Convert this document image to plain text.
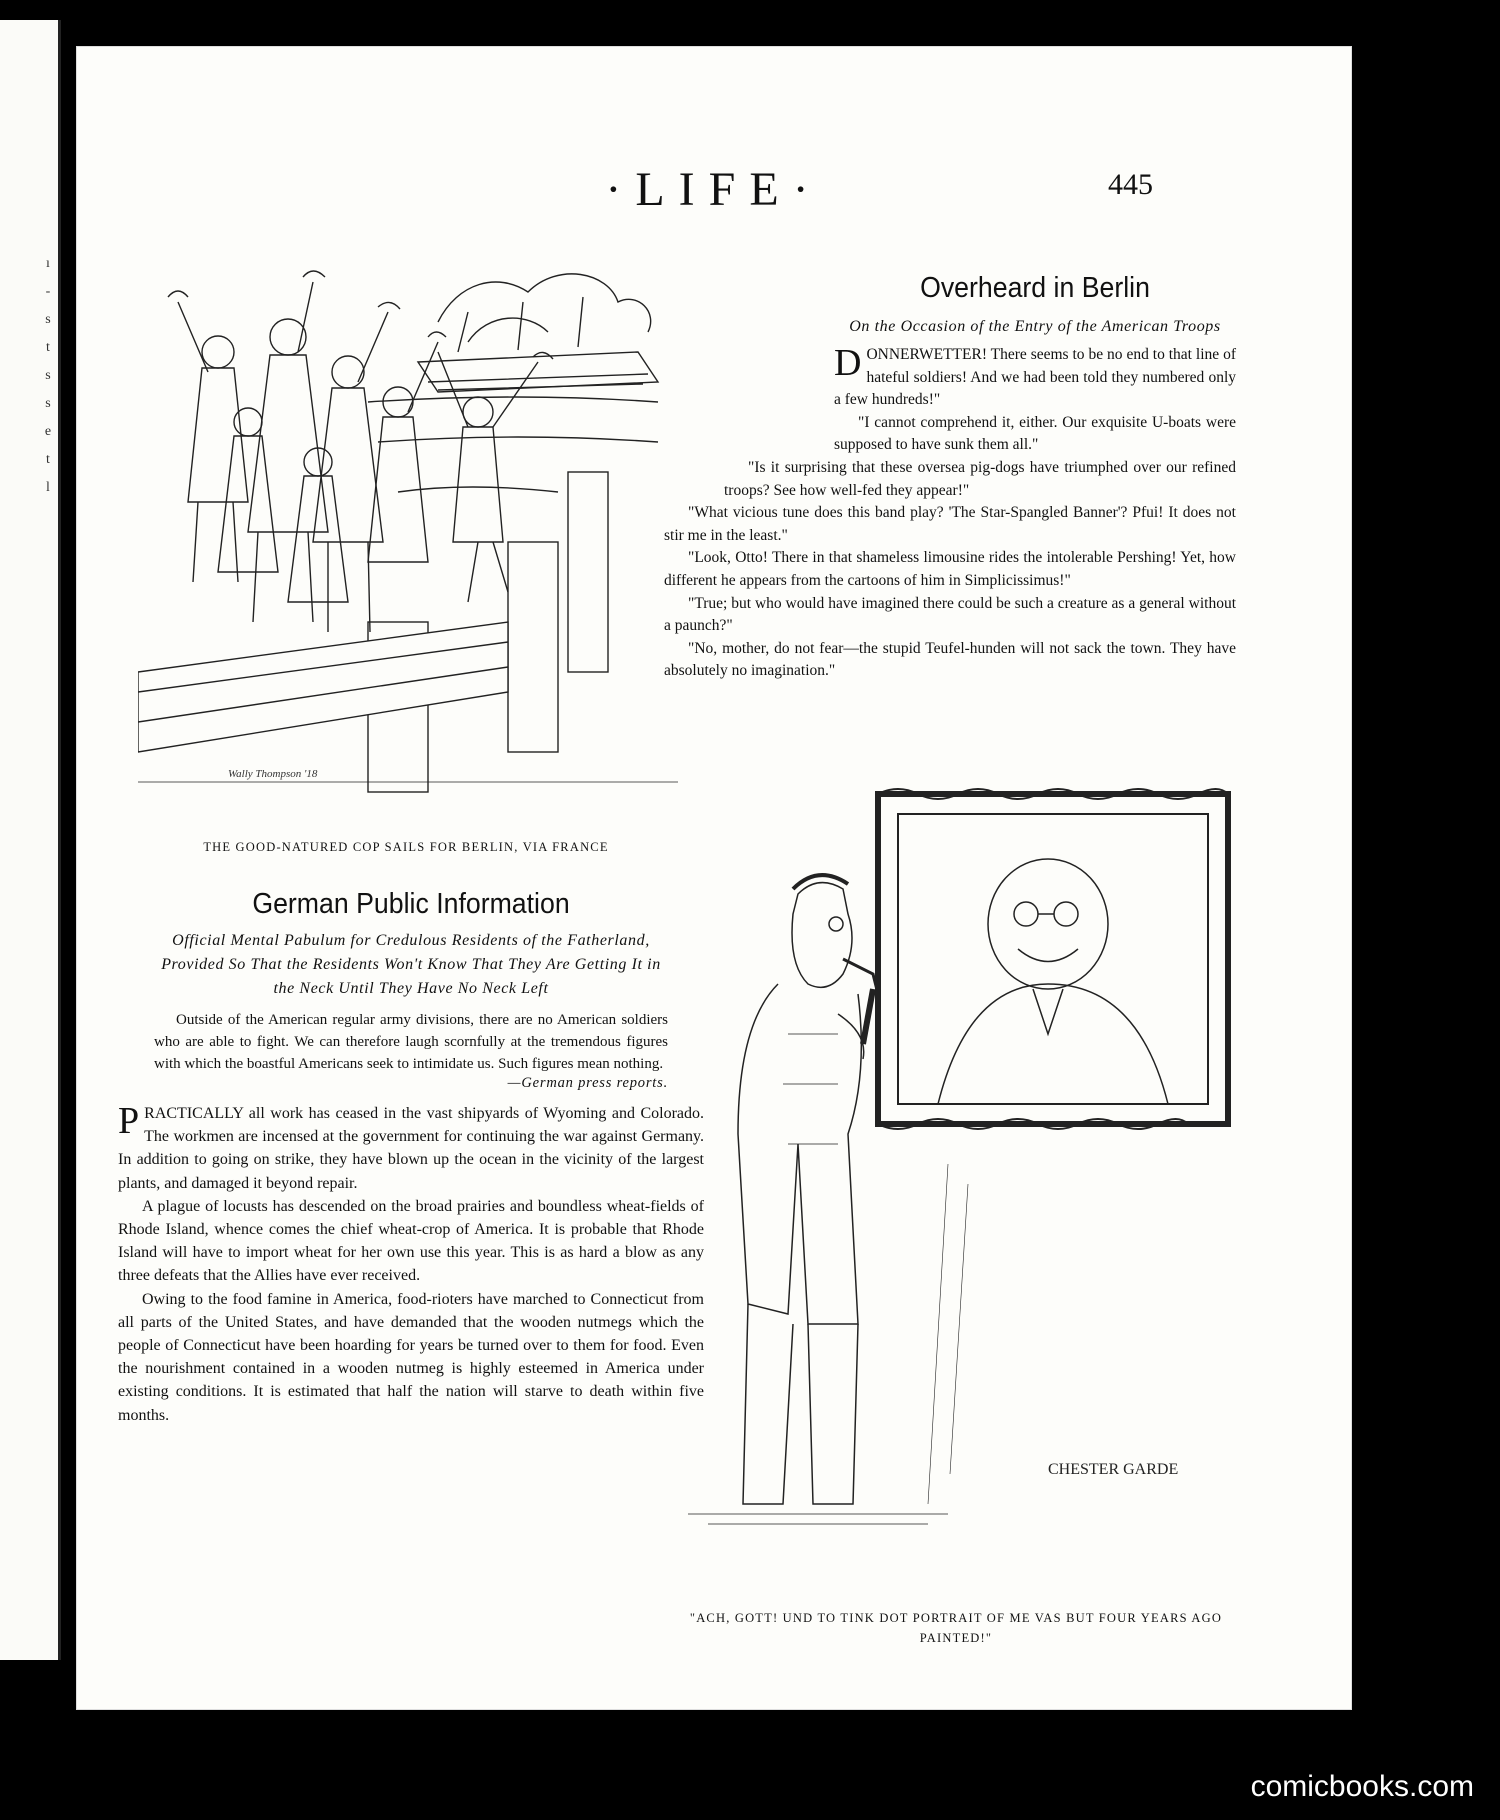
ı
-
s
t
s
s
e
t
l
·LIFE·	445
Wally Thompson '18
THE GOOD-NATURED COP SAILS FOR BERLIN, VIA FRANCE
Overheard in Berlin

On the Occasion of the Entry of the American Troops

DONNERWETTER! There seems to be no end to that line of hateful soldiers! And we had been told they numbered only a few hundreds!"

"I cannot comprehend it, either. Our exquisite U-boats were supposed to have sunk them all."

"Is it surprising that these oversea pig-dogs have triumphed over our refined troops? See how well-fed they appear!"

"What vicious tune does this band play? 'The Star-Spangled Banner'? Pfui! It does not stir me in the least."

"Look, Otto! There in that shameless limousine rides the intolerable Pershing! Yet, how different he appears from the cartoons of him in Simplicissimus!"

"True; but who would have imagined there could be such a creature as a general without a paunch?"

"No, mother, do not fear—the stupid Teufel-hunden will not sack the town. They have absolutely no imagination."

German Public Information

Official Mental Pabulum for Credulous Residents of the Fatherland, Provided So That the Residents Won't Know That They Are Getting It in the Neck Until They Have No Neck Left

Outside of the American regular army divisions, there are no American soldiers who are able to fight. We can therefore laugh scornfully at the tremendous figures with which the boastful Americans seek to intimidate us. Such figures mean nothing.

—German press reports.

PRACTICALLY all work has ceased in the vast shipyards of Wyoming and Colorado. The workmen are incensed at the government for continuing the war against Germany. In addition to going on strike, they have blown up the ocean in the vicinity of the largest plants, and damaged it beyond repair.

A plague of locusts has descended on the broad prairies and boundless wheat-fields of Rhode Island, whence comes the chief wheat-crop of America. It is probable that Rhode Island will have to import wheat for her own use this year. This is as hard a blow as any three defeats that the Allies have ever received.

Owing to the food famine in America, food-rioters have marched to Connecticut from all parts of the United States, and have demanded that the wooden nutmegs which the people of Connecticut have been hoarding for years be turned over to them for food. Even the nourishment contained in a wooden nutmeg is highly esteemed in America under existing conditions. It is estimated that half the nation will starve to death within five months.

CHESTER GARDE
"ACH, GOTT! UND TO TINK DOT PORTRAIT OF ME VAS BUT FOUR YEARS AGO PAINTED!"
comicbooks.com
